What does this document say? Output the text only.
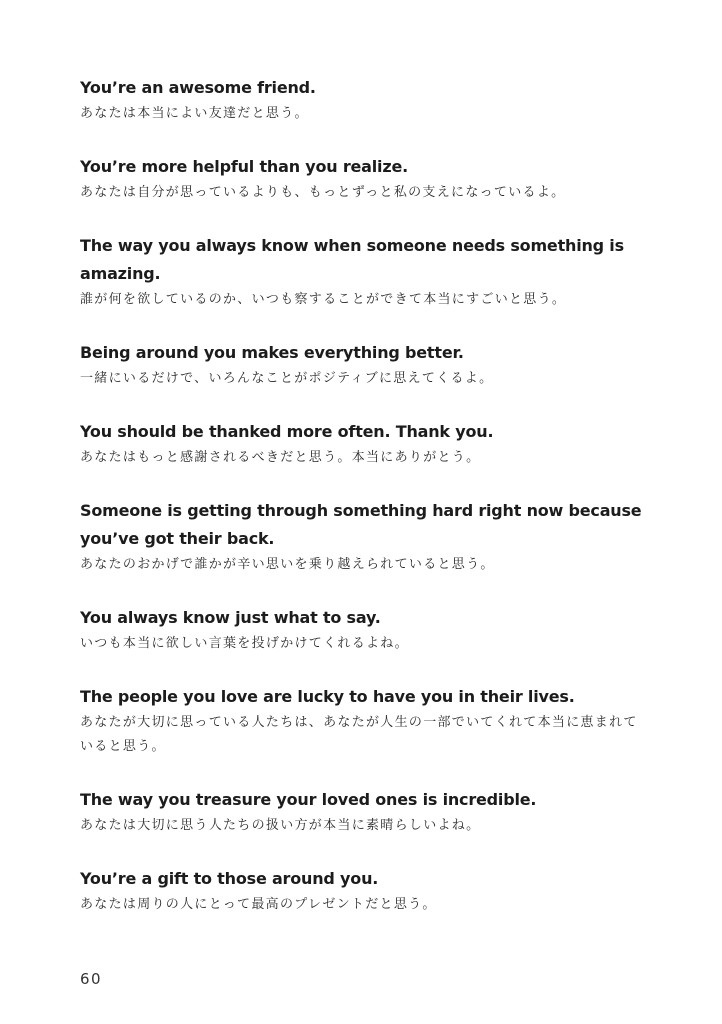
You’re an awesome friend.

あなたは本当によい友達だと思う。

You’re more helpful than you realize.

あなたは自分が思っているよりも、もっとずっと私の支えになっているよ。

The way you always know when someone needs something is amazing.

誰が何を欲しているのか、いつも察することができて本当にすごいと思う。

Being around you makes everything better.

一緒にいるだけで、いろんなことがポジティブに思えてくるよ。

You should be thanked more often. Thank you.

あなたはもっと感謝されるべきだと思う。本当にありがとう。

Someone is getting through something hard right now because you’ve got their back.

あなたのおかげで誰かが辛い思いを乗り越えられていると思う。

You always know just what to say.

いつも本当に欲しい言葉を投げかけてくれるよね。

The people you love are lucky to have you in their lives.

あなたが大切に思っている人たちは、あなたが人生の一部でいてくれて本当に恵まれていると思う。

The way you treasure your loved ones is incredible.

あなたは大切に思う人たちの扱い方が本当に素晴らしいよね。

You’re a gift to those around you.

あなたは周りの人にとって最高のプレゼントだと思う。

60
